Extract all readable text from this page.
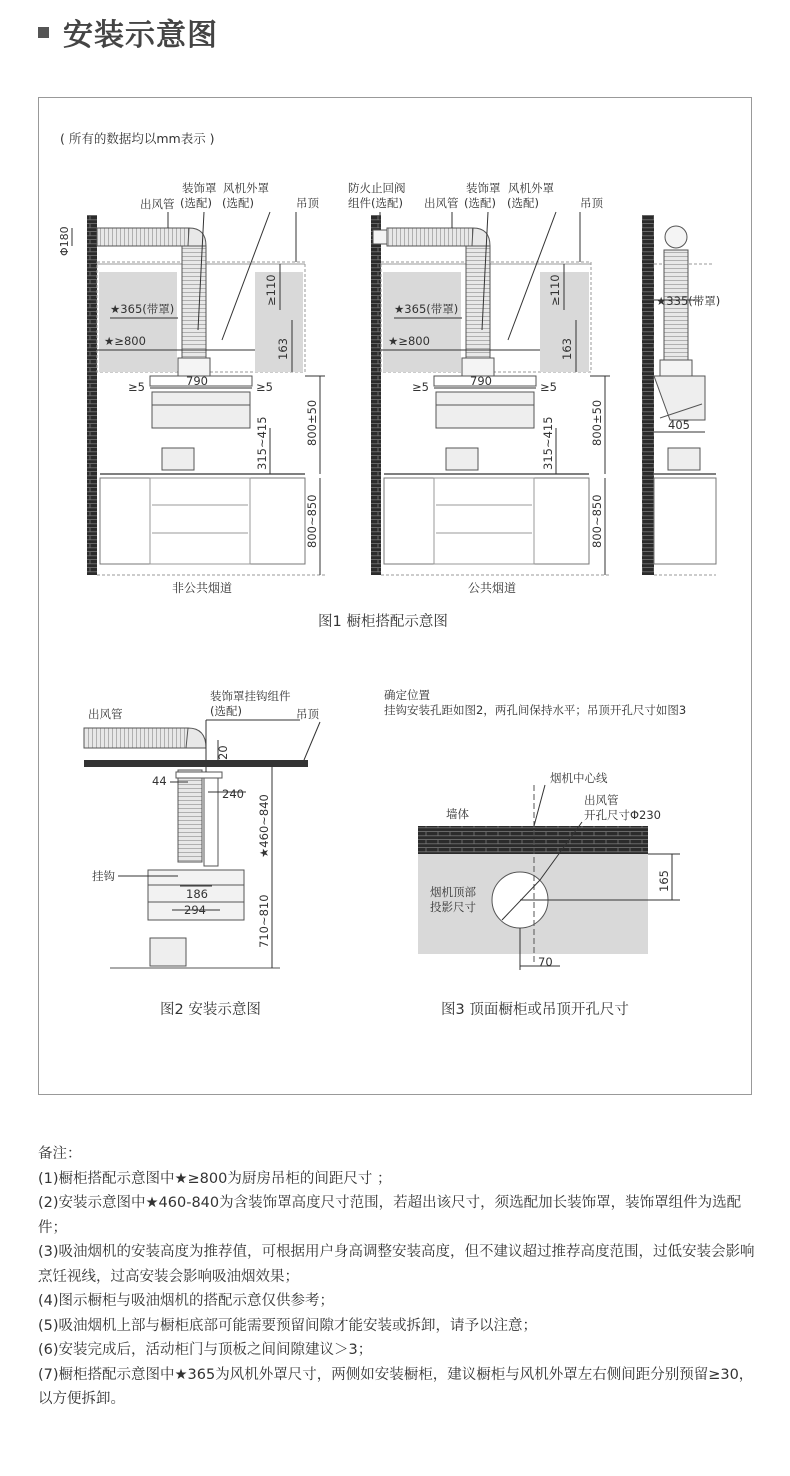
安装示意图
( 所有的数据均以mm表示 )
Φ180
★365(带罩)
★≥800
≥110
163
790
≥5	≥5
315~415	800±50
800~850
出风管
装饰罩
(选配)
风机外罩
(选配)	吊顶
非公共烟道
★365(带罩)
★≥800
≥110
163
790
≥5	≥5
315~415	800±50
800~850
防火止回阀
组件(选配) 出风管
装饰罩
(选配)
风机外罩
(选配)	吊顶
公共烟道
★335(带罩)
405
图1 橱柜搭配示意图
20
44
240
★460~840
186
294	710~810
装饰罩挂钩组件
(选配)
出风管	吊顶
挂钩
图2 安装示意图
确定位置
挂钩安装孔距如图2，两孔间保持水平；吊顶开孔尺寸如图3
165
70
烟机中心线
墙体
出风管
开孔尺寸Φ230
烟机顶部
投影尺寸
图3 顶面橱柜或吊顶开孔尺寸
备注：
(1)橱柜搭配示意图中★≥800为厨房吊柜的间距尺寸 ；
(2)安装示意图中★460-840为含装饰罩高度尺寸范围，若超出该尺寸，须选配加长装饰罩，装饰罩组件为选配件；
(3)吸油烟机的安装高度为推荐值，可根据用户身高调整安装高度，但不建议超过推荐高度范围，过低安装会影响烹饪视线，过高安装会影响吸油烟效果；
(4)图示橱柜与吸油烟机的搭配示意仅供参考；
(5)吸油烟机上部与橱柜底部可能需要预留间隙才能安装或拆卸，请予以注意；
(6)安装完成后，活动柜门与顶板之间间隙建议＞3；
(7)橱柜搭配示意图中★365为风机外罩尺寸，两侧如安装橱柜，建议橱柜与风机外罩左右侧间距分别预留≥30，以方便拆卸。
